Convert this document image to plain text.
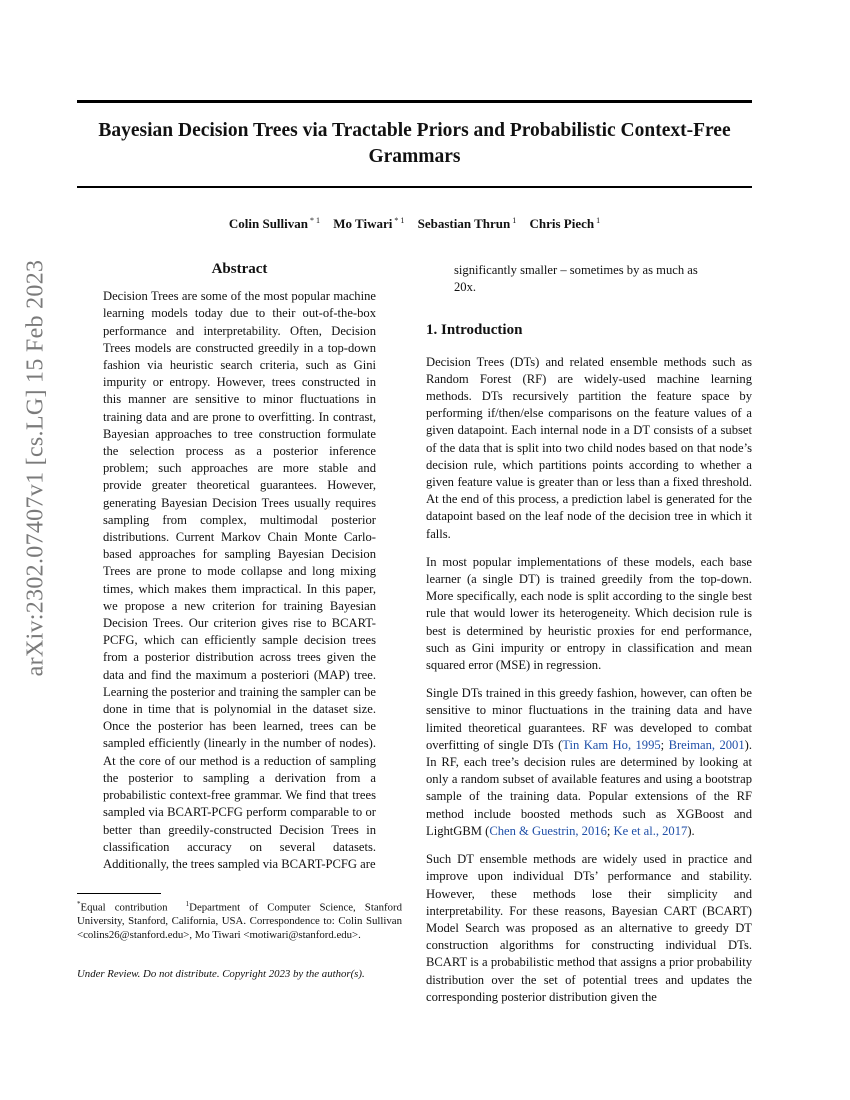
Bayesian Decision Trees via Tractable Priors and Probabilistic Context-Free Grammars
Colin Sullivan $^{* 1}$ Mo Tiwari $^{* 1}$ Sebastian Thrun $^1$ Chris Piech $^1$
arXiv:2302.07407v1 [cs.LG] 15 Feb 2023	Abstract

Decision Trees are some of the most popular machine learning models today due to their out-of-the-box performance and interpretability. Often, Decision Trees models are constructed greedily in a top-down fashion via heuristic search criteria, such as Gini impurity or entropy. However, trees constructed in this manner are sensitive to minor fluctuations in training data and are prone to overfitting. In contrast, Bayesian approaches to tree construction formulate the selection process as a posterior inference problem; such approaches are more stable and provide greater theoretical guarantees. However, generating Bayesian Decision Trees usually requires sampling from complex, multimodal posterior distributions. Current Markov Chain Monte Carlo-based approaches for sampling Bayesian Decision Trees are prone to mode collapse and long mixing times, which makes them impractical. In this paper, we propose a new criterion for training Bayesian Decision Trees. Our criterion gives rise to BCART-PCFG, which can efficiently sample decision trees from a posterior distribution across trees given the data and find the maximum a posteriori (MAP) tree. Learning the posterior and training the sampler can be done in time that is polynomial in the dataset size. Once the posterior has been learned, trees can be sampled efficiently (linearly in the number of nodes). At the core of our method is a reduction of sampling the posterior to sampling a derivation from a probabilistic context-free grammar. We find that trees sampled via BCART-PCFG perform comparable to or better than greedily-constructed Decision Trees in classification accuracy on several datasets. Additionally, the trees sampled via BCART-PCFG are

*Equal contribution	$^1$Department of Computer Science, Stanford University, Stanford, California, USA. Correspondence to: Colin Sullivan <colins26@stanford.edu>, Mo Tiwari <motiwari@stanford.edu>.
Under Review. Do not distribute. Copyright 2023 by the author(s).

significantly smaller – sometimes by as much as 20x.

1. Introduction

Decision Trees (DTs) and related ensemble methods such as Random Forest (RF) are widely-used machine learning methods. DTs recursively partition the feature space by performing if/then/else comparisons on the feature values of a given datapoint. Each internal node in a DT consists of a subset of the data that is split into two child nodes based on that node’s decision rule, which partitions points according to whether a given feature value is greater than or less than a fixed threshold. At the end of this process, a prediction label is generated for the datapoint based on the leaf node of the decision tree in which it falls.

In most popular implementations of these models, each base learner (a single DT) is trained greedily from the top-down. More specifically, each node is split according to the single best rule that would lower its heterogeneity. Which decision rule is best is determined by heuristic proxies for end performance, such as Gini impurity or entropy in classification and mean squared error (MSE) in regression.

Single DTs trained in this greedy fashion, however, can often be sensitive to minor fluctuations in the training data and have limited theoretical guarantees. RF was developed to combat overfitting of single DTs (Tin Kam Ho, 1995; Breiman, 2001). In RF, each tree’s decision rules are determined by looking at only a random subset of available features and using a bootstrap sample of the training data. Popular extensions of the RF method include boosted methods such as XGBoost and LightGBM (Chen & Guestrin, 2016; Ke et al., 2017).

Such DT ensemble methods are widely used in practice and improve upon individual DTs’ performance and stability. However, these methods lose their simplicity and interpretability. For these reasons, Bayesian CART (BCART) Model Search was proposed as an alternative to greedy DT construction algorithms for constructing individual DTs. BCART is a probabilistic method that assigns a prior probability distribution over the set of potential trees and updates the corresponding posterior distribution given the
